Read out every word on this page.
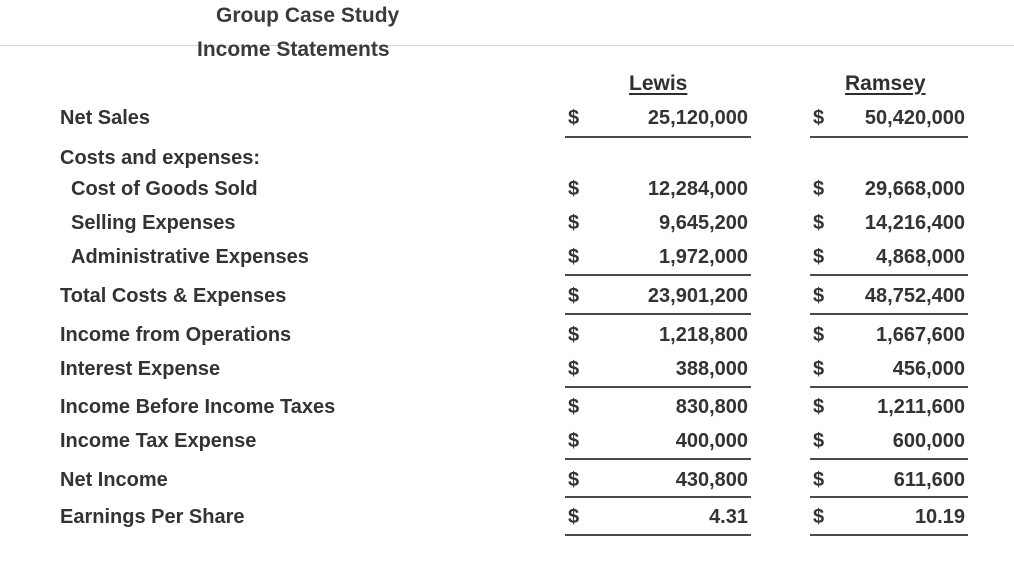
Group Case Study
Income Statements
Lewis	Ramsey
Net Sales	$	25,120,000	$	50,420,000
Costs and expenses:
Cost of Goods Sold	$	12,284,000	$	29,668,000
Selling Expenses	$	9,645,200	$	14,216,400
Administrative Expenses	$	1,972,000	$	4,868,000
Total Costs & Expenses	$	23,901,200	$	48,752,400
Income from Operations	$	1,218,800	$	1,667,600
Interest Expense	$	388,000	$	456,000
Income Before Income Taxes	$	830,800	$	1,211,600
Income Tax Expense	$	400,000	$	600,000
Net Income	$	430,800	$	611,600
Earnings Per Share	$	4.31	$	10.19
